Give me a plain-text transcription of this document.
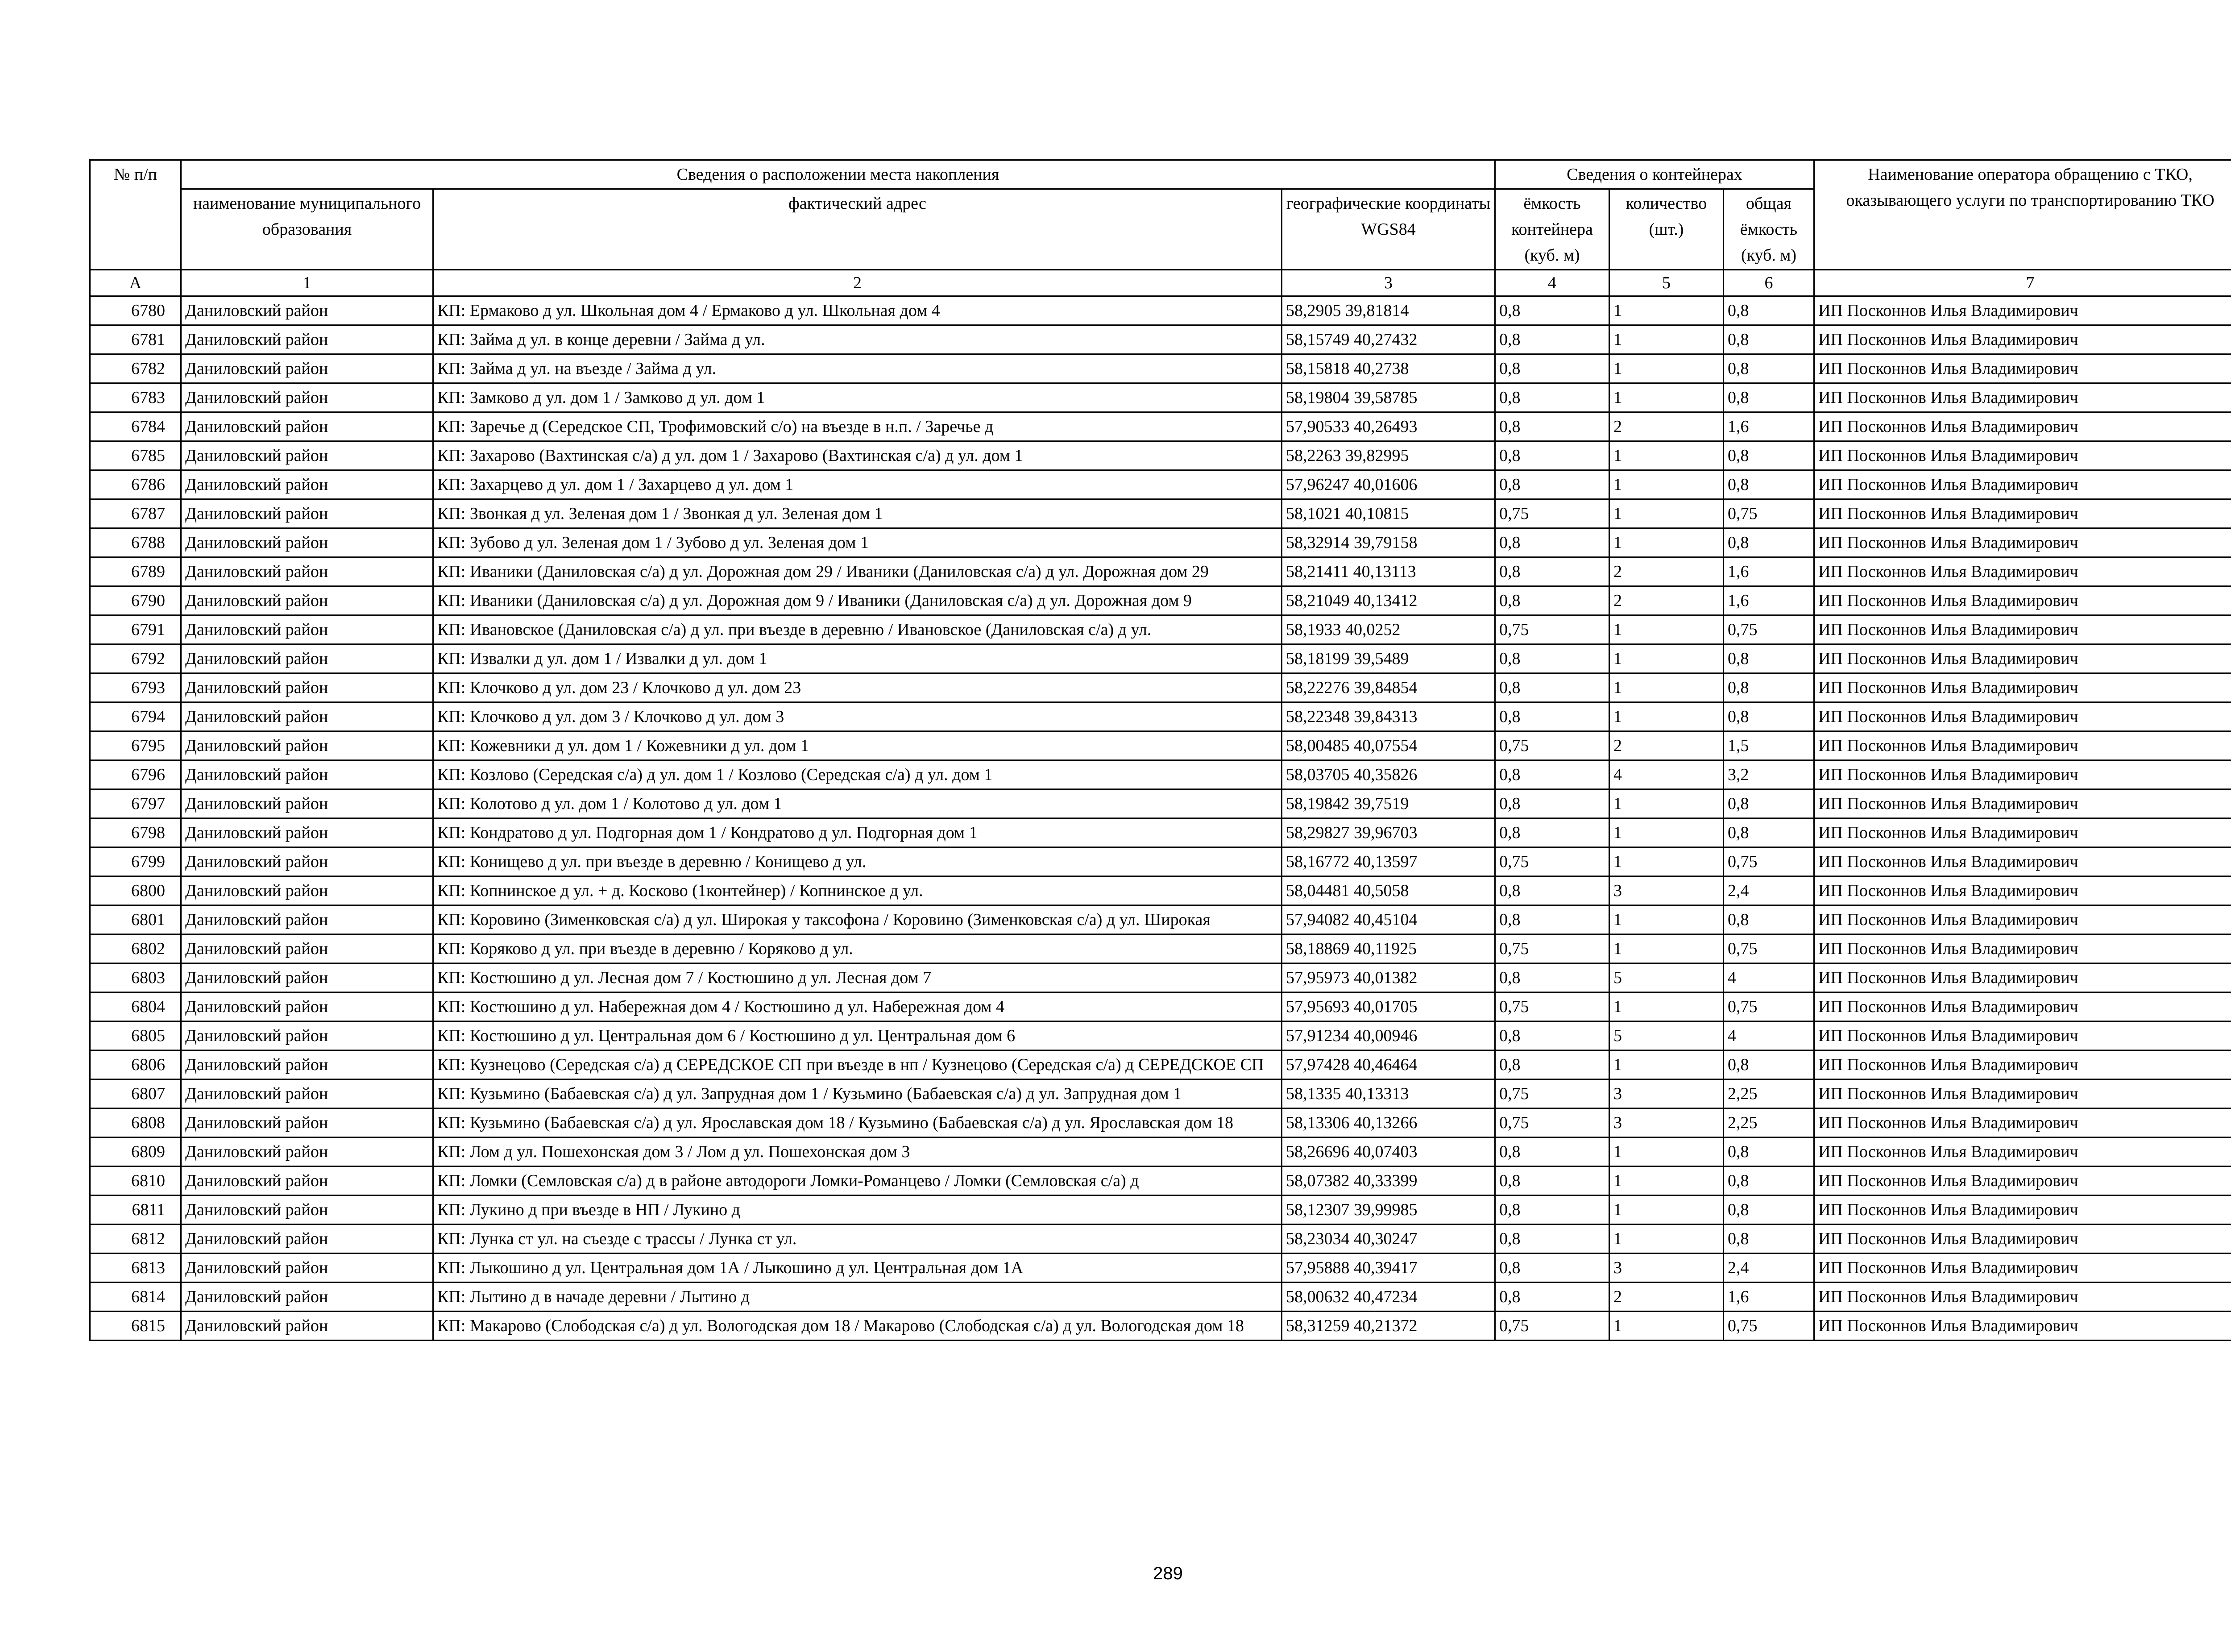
№ п/п	Сведения о расположении места накопления			Сведения о контейнерах			Наименование оператора обращению с ТКО, оказывающего услуги по транспортированию ТКО
	наименование муниципального образования	фактический адрес	географические координаты WGS84	ёмкость контейнера (куб. м)	количество (шт.)	общая ёмкость (куб. м)	
А	1	2	3	4	5	6	7
6780	Даниловский район	КП: Ермаково д ул. Школьная дом 4 / Ермаково д ул. Школьная дом 4	58,2905 39,81814	0,8	1	0,8	ИП Посконнов Илья Владимирович
6781	Даниловский район	КП: Займа д ул. в конце деревни / Займа д ул.	58,15749 40,27432	0,8	1	0,8	ИП Посконнов Илья Владимирович
6782	Даниловский район	КП: Займа д ул. на въезде / Займа д ул.	58,15818 40,2738	0,8	1	0,8	ИП Посконнов Илья Владимирович
6783	Даниловский район	КП: Замково д ул. дом 1 / Замково д ул. дом 1	58,19804 39,58785	0,8	1	0,8	ИП Посконнов Илья Владимирович
6784	Даниловский район	КП: Заречье д (Середское СП, Трофимовский с/о) на въезде в н.п. / Заречье д	57,90533 40,26493	0,8	2	1,6	ИП Посконнов Илья Владимирович
6785	Даниловский район	КП: Захарово (Вахтинская с/а) д ул. дом 1 / Захарово (Вахтинская с/а) д ул. дом 1	58,2263 39,82995	0,8	1	0,8	ИП Посконнов Илья Владимирович
6786	Даниловский район	КП: Захарцево д ул. дом 1 / Захарцево д ул. дом 1	57,96247 40,01606	0,8	1	0,8	ИП Посконнов Илья Владимирович
6787	Даниловский район	КП: Звонкая д ул. Зеленая дом 1 / Звонкая д ул. Зеленая дом 1	58,1021 40,10815	0,75	1	0,75	ИП Посконнов Илья Владимирович
6788	Даниловский район	КП: Зубово д ул. Зеленая дом 1 / Зубово д ул. Зеленая дом 1	58,32914 39,79158	0,8	1	0,8	ИП Посконнов Илья Владимирович
6789	Даниловский район	КП: Иваники (Даниловская с/а) д ул. Дорожная дом 29 / Иваники (Даниловская с/а) д ул. Дорожная дом 29	58,21411 40,13113	0,8	2	1,6	ИП Посконнов Илья Владимирович
6790	Даниловский район	КП: Иваники (Даниловская с/а) д ул. Дорожная дом 9 / Иваники (Даниловская с/а) д ул. Дорожная дом 9	58,21049 40,13412	0,8	2	1,6	ИП Посконнов Илья Владимирович
6791	Даниловский район	КП: Ивановское (Даниловская с/а) д ул. при въезде в деревню / Ивановское (Даниловская с/а) д ул.	58,1933 40,0252	0,75	1	0,75	ИП Посконнов Илья Владимирович
6792	Даниловский район	КП: Извалки д ул. дом 1 / Извалки д ул. дом 1	58,18199 39,5489	0,8	1	0,8	ИП Посконнов Илья Владимирович
6793	Даниловский район	КП: Клочково д ул. дом 23 / Клочково д ул. дом 23	58,22276 39,84854	0,8	1	0,8	ИП Посконнов Илья Владимирович
6794	Даниловский район	КП: Клочково д ул. дом 3 / Клочково д ул. дом 3	58,22348 39,84313	0,8	1	0,8	ИП Посконнов Илья Владимирович
6795	Даниловский район	КП: Кожевники д ул. дом 1 / Кожевники д ул. дом 1	58,00485 40,07554	0,75	2	1,5	ИП Посконнов Илья Владимирович
6796	Даниловский район	КП: Козлово (Середская с/а) д ул. дом 1 / Козлово (Середская с/а) д ул. дом 1	58,03705 40,35826	0,8	4	3,2	ИП Посконнов Илья Владимирович
6797	Даниловский район	КП: Колотово д ул. дом 1 / Колотово д ул. дом 1	58,19842 39,7519	0,8	1	0,8	ИП Посконнов Илья Владимирович
6798	Даниловский район	КП: Кондратово д ул. Подгорная дом 1 / Кондратово д ул. Подгорная дом 1	58,29827 39,96703	0,8	1	0,8	ИП Посконнов Илья Владимирович
6799	Даниловский район	КП: Конищево д ул. при въезде в деревню / Конищево д ул.	58,16772 40,13597	0,75	1	0,75	ИП Посконнов Илья Владимирович
6800	Даниловский район	КП: Копнинское д ул. + д. Косково (1контейнер) / Копнинское д ул.	58,04481 40,5058	0,8	3	2,4	ИП Посконнов Илья Владимирович
6801	Даниловский район	КП: Коровино (Зименковская с/а) д ул. Широкая у таксофона / Коровино (Зименковская с/а) д ул. Широкая	57,94082 40,45104	0,8	1	0,8	ИП Посконнов Илья Владимирович
6802	Даниловский район	КП: Коряково д ул. при въезде в деревню / Коряково д ул.	58,18869 40,11925	0,75	1	0,75	ИП Посконнов Илья Владимирович
6803	Даниловский район	КП: Костюшино д ул. Лесная дом 7 / Костюшино д ул. Лесная дом 7	57,95973 40,01382	0,8	5	4	ИП Посконнов Илья Владимирович
6804	Даниловский район	КП: Костюшино д ул. Набережная дом 4 / Костюшино д ул. Набережная дом 4	57,95693 40,01705	0,75	1	0,75	ИП Посконнов Илья Владимирович
6805	Даниловский район	КП: Костюшино д ул. Центральная дом 6 / Костюшино д ул. Центральная дом 6	57,91234 40,00946	0,8	5	4	ИП Посконнов Илья Владимирович
6806	Даниловский район	КП: Кузнецово (Середская с/а) д СЕРЕДСКОЕ СП при въезде в нп / Кузнецово (Середская с/а) д СЕРЕДСКОЕ СП	57,97428 40,46464	0,8	1	0,8	ИП Посконнов Илья Владимирович
6807	Даниловский район	КП: Кузьмино (Бабаевская с/а) д ул. Запрудная дом 1 / Кузьмино (Бабаевская с/а) д ул. Запрудная дом 1	58,1335 40,13313	0,75	3	2,25	ИП Посконнов Илья Владимирович
6808	Даниловский район	КП: Кузьмино (Бабаевская с/а) д ул. Ярославская дом 18 / Кузьмино (Бабаевская с/а) д ул. Ярославская дом 18	58,13306 40,13266	0,75	3	2,25	ИП Посконнов Илья Владимирович
6809	Даниловский район	КП: Лом д ул. Пошехонская дом 3 / Лом д ул. Пошехонская дом 3	58,26696 40,07403	0,8	1	0,8	ИП Посконнов Илья Владимирович
6810	Даниловский район	КП: Ломки (Семловская с/а) д в районе автодороги Ломки-Романцево / Ломки (Семловская с/а) д	58,07382 40,33399	0,8	1	0,8	ИП Посконнов Илья Владимирович
6811	Даниловский район	КП: Лукино д при въезде в НП / Лукино д	58,12307 39,99985	0,8	1	0,8	ИП Посконнов Илья Владимирович
6812	Даниловский район	КП: Лунка ст ул. на съезде с трассы / Лунка ст ул.	58,23034 40,30247	0,8	1	0,8	ИП Посконнов Илья Владимирович
6813	Даниловский район	КП: Лыкошино д ул. Центральная дом 1А / Лыкошино д ул. Центральная дом 1А	57,95888 40,39417	0,8	3	2,4	ИП Посконнов Илья Владимирович
6814	Даниловский район	КП: Лытино д в начаде деревни / Лытино д	58,00632 40,47234	0,8	2	1,6	ИП Посконнов Илья Владимирович
6815	Даниловский район	КП: Макарово (Слободская с/а) д ул. Вологодская дом 18 / Макарово (Слободская с/а) д ул. Вологодская дом 18	58,31259 40,21372	0,75	1	0,75	ИП Посконнов Илья Владимирович
289
